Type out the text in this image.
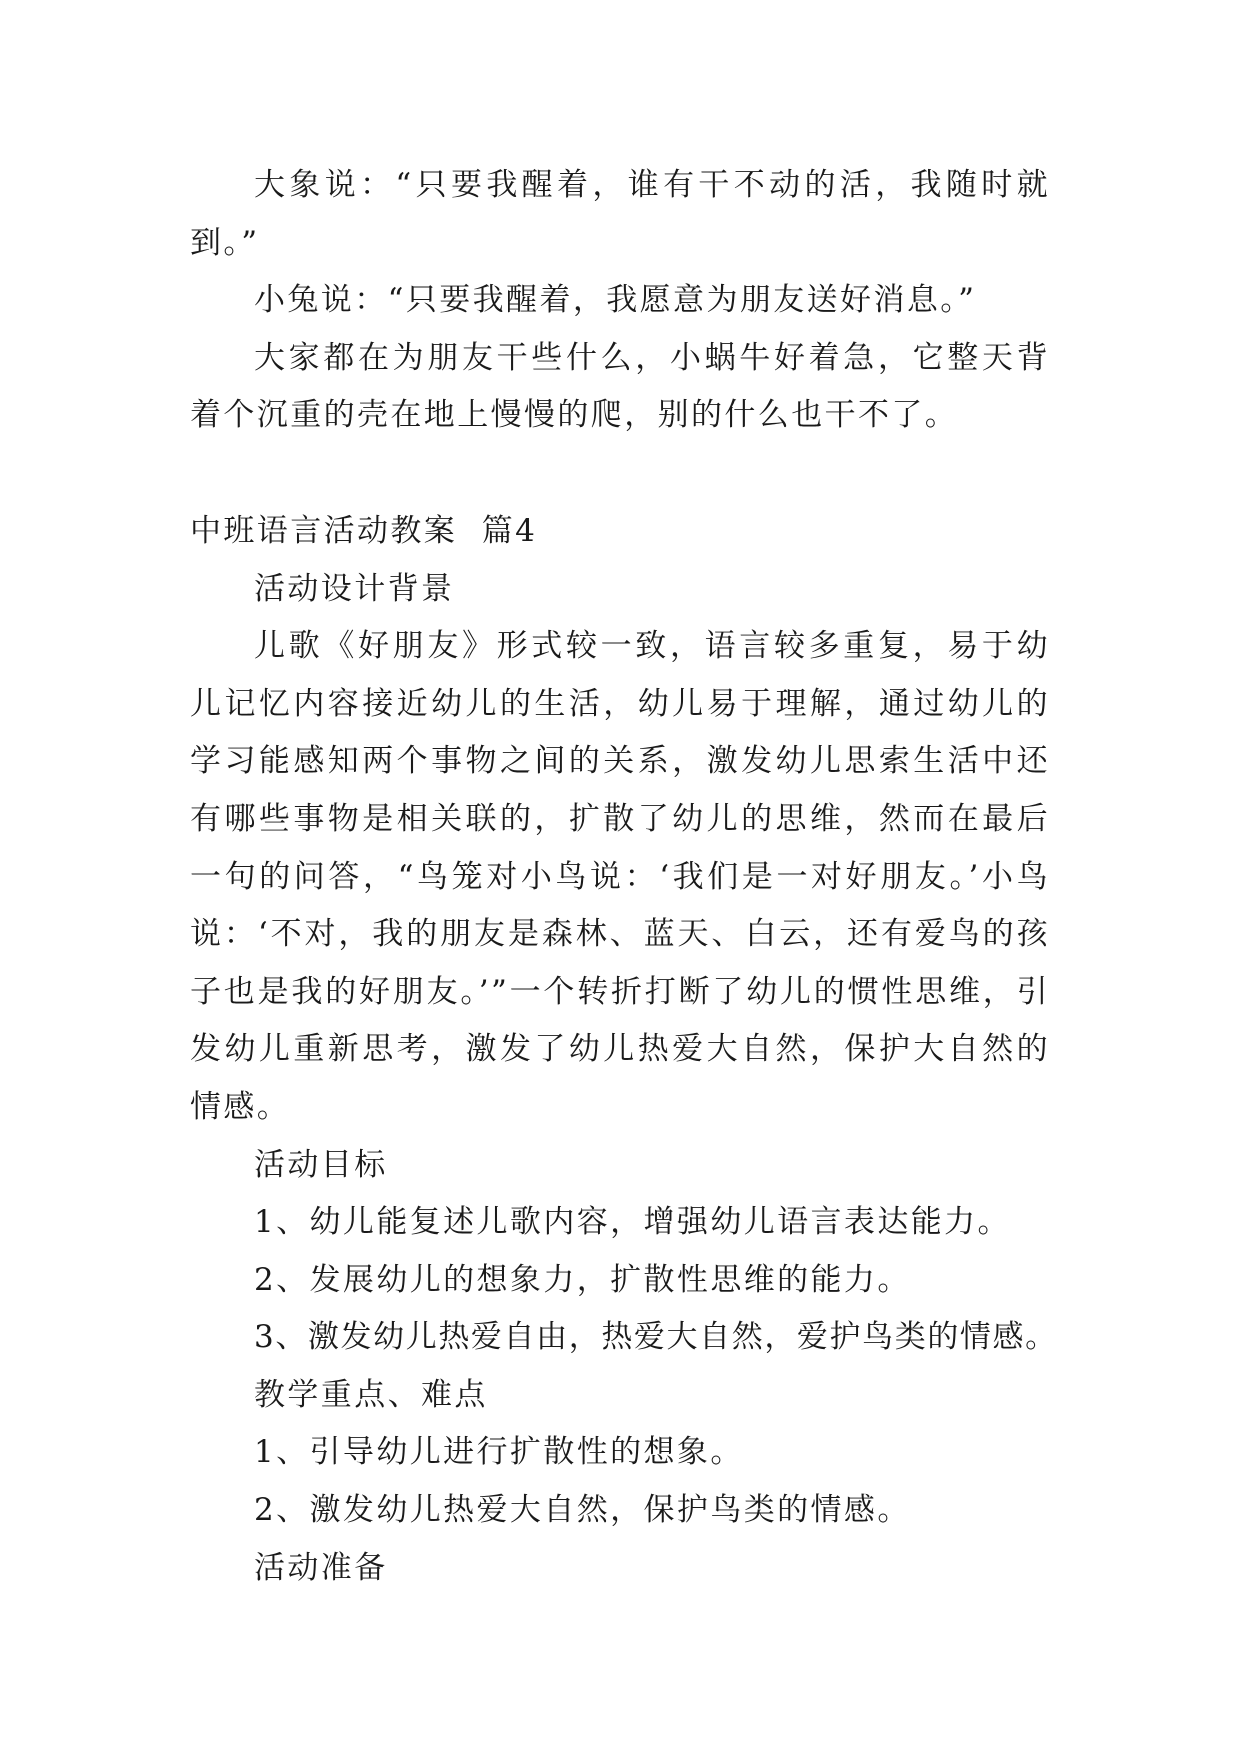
大象说：“只要我醒着，谁有干不动的活，我随时就到。”

小兔说：“只要我醒着，我愿意为朋友送好消息。”

大家都在为朋友干些什么，小蜗牛好着急，它整天背着个沉重的壳在地上慢慢的爬，别的什么也干不了。

中班语言活动教案  篇4

活动设计背景

儿歌《好朋友》形式较一致，语言较多重复，易于幼儿记忆内容接近幼儿的生活，幼儿易于理解，通过幼儿的学习能感知两个事物之间的关系，激发幼儿思索生活中还有哪些事物是相关联的，扩散了幼儿的思维，然而在最后一句的问答，“鸟笼对小鸟说：‘我们是一对好朋友。’小鸟说：‘不对，我的朋友是森林、蓝天、白云，还有爱鸟的孩子也是我的好朋友。’”一个转折打断了幼儿的惯性思维，引发幼儿重新思考，激发了幼儿热爱大自然，保护大自然的情感。

活动目标

1、幼儿能复述儿歌内容，增强幼儿语言表达能力。

2、发展幼儿的想象力，扩散性思维的能力。

3、激发幼儿热爱自由，热爱大自然，爱护鸟类的情感。

教学重点、难点

1、引导幼儿进行扩散性的想象。

2、激发幼儿热爱大自然，保护鸟类的情感。

活动准备
